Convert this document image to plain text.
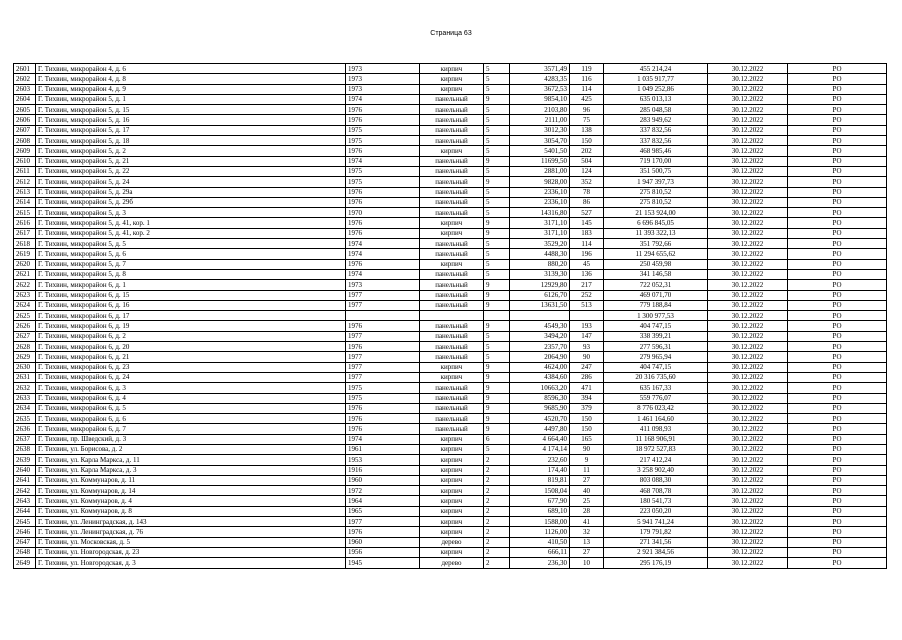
Страница 63
2601	Г. Тихвин, микрорайон 4, д. 6	1973	кирпич	5	3571,49	119	455 214,24	30.12.2022	РО
2602	Г. Тихвин, микрорайон 4, д. 8	1973	кирпич	5	4283,35	116	1 035 917,77	30.12.2022	РО
2603	Г. Тихвин, микрорайон 4, д. 9	1973	кирпич	5	3672,53	114	1 049 252,86	30.12.2022	РО
2604	Г. Тихвин, микрорайон 5, д. 1	1974	панельный	9	9854,10	425	635 013,13	30.12.2022	РО
2605	Г. Тихвин, микрорайон 5, д. 15	1976	панельный	5	2103,80	96	285 048,58	30.12.2022	РО
2606	Г. Тихвин, микрорайон 5, д. 16	1976	панельный	5	2111,00	75	283 949,62	30.12.2022	РО
2607	Г. Тихвин, микрорайон 5, д. 17	1975	панельный	5	3012,30	138	337 832,56	30.12.2022	РО
2608	Г. Тихвин, микрорайон 5, д. 18	1975	панельный	5	3054,70	150	337 832,56	30.12.2022	РО
2609	Г. Тихвин, микрорайон 5, д. 2	1976	кирпич	5	5401,50	202	468 985,46	30.12.2022	РО
2610	Г. Тихвин, микрорайон 5, д. 21	1974	панельный	9	11699,50	504	719 170,00	30.12.2022	РО
2611	Г. Тихвин, микрорайон 5, д. 22	1975	панельный	5	2881,00	124	351 500,75	30.12.2022	РО
2612	Г. Тихвин, микрорайон 5, д. 24	1975	панельный	9	9828,00	352	1 947 397,73	30.12.2022	РО
2613	Г. Тихвин, микрорайон 5, д. 29а	1976	панельный	5	2336,10	78	275 810,52	30.12.2022	РО
2614	Г. Тихвин, микрорайон 5, д. 29б	1976	панельный	5	2336,10	86	275 810,52	30.12.2022	РО
2615	Г. Тихвин, микрорайон 5, д. 3	1970	панельный	5	14316,80	527	21 153 924,00	30.12.2022	РО
2616	Г. Тихвин, микрорайон 5, д. 41, кор. 1	1976	кирпич	9	3171,10	145	6 696 845,05	30.12.2022	РО
2617	Г. Тихвин, микрорайон 5, д. 41, кор. 2	1976	кирпич	9	3171,10	183	11 393 322,13	30.12.2022	РО
2618	Г. Тихвин, микрорайон 5, д. 5	1974	панельный	5	3529,20	114	351 792,66	30.12.2022	РО
2619	Г. Тихвин, микрорайон 5, д. 6	1974	панельный	5	4488,30	196	11 294 655,62	30.12.2022	РО
2620	Г. Тихвин, микрорайон 5, д. 7	1976	кирпич	5	880,20	45	250 459,98	30.12.2022	РО
2621	Г. Тихвин, микрорайон 5, д. 8	1974	панельный	5	3139,30	136	341 146,58	30.12.2022	РО
2622	Г. Тихвин, микрорайон 6, д. 1	1973	панельный	9	12929,80	217	722 052,31	30.12.2022	РО
2623	Г. Тихвин, микрорайон 6, д. 15	1977	панельный	9	6126,70	252	469 071,70	30.12.2022	РО
2624	Г. Тихвин, микрорайон 6, д. 16	1977	панельный	9	13631,50	513	779 188,84	30.12.2022	РО
2625	Г. Тихвин, микрорайон 6, д. 17						1 300 977,53	30.12.2022	РО
2626	Г. Тихвин, микрорайон 6, д. 19	1976	панельный	9	4549,30	193	404 747,15	30.12.2022	РО
2627	Г. Тихвин, микрорайон 6, д. 2	1977	панельный	5	3494,20	147	338 399,21	30.12.2022	РО
2628	Г. Тихвин, микрорайон 6, д. 20	1976	панельный	5	2357,70	93	277 596,31	30.12.2022	РО
2629	Г. Тихвин, микрорайон 6, д. 21	1977	панельный	5	2064,90	90	279 965,94	30.12.2022	РО
2630	Г. Тихвин, микрорайон 6, д. 23	1977	кирпич	9	4624,00	247	404 747,15	30.12.2022	РО
2631	Г. Тихвин, микрорайон 6, д. 24	1977	кирпич	9	4384,60	286	20 316 735,60	30.12.2022	РО
2632	Г. Тихвин, микрорайон 6, д. 3	1975	панельный	9	10663,20	471	635 167,33	30.12.2022	РО
2633	Г. Тихвин, микрорайон 6, д. 4	1975	панельный	9	8596,30	394	559 776,07	30.12.2022	РО
2634	Г. Тихвин, микрорайон 6, д. 5	1976	панельный	9	9685,90	379	8 776 023,42	30.12.2022	РО
2635	Г. Тихвин, микрорайон 6, д. 6	1976	панельный	9	4520,70	150	1 461 164,60	30.12.2022	РО
2636	Г. Тихвин, микрорайон 6, д. 7	1976	панельный	9	4497,80	150	411 098,93	30.12.2022	РО
2637	Г. Тихвин, пр. Шведский, д. 3	1974	кирпич	6	4 664,40	165	11 168 906,91	30.12.2022	РО
2638	Г. Тихвин, ул. Борисова, д. 2	1961	кирпич	5	4 174,14	90	18 972 527,83	30.12.2022	РО
2639	Г. Тихвин, ул. Карла Маркса, д. 11	1953	кирпич	2	232,60	9	217 412,24	30.12.2022	РО
2640	Г. Тихвин, ул. Карла Маркса, д. 3	1916	кирпич	2	174,40	11	3 258 902,40	30.12.2022	РО
2641	Г. Тихвин, ул. Коммунаров, д. 11	1960	кирпич	2	819,81	27	803 088,30	30.12.2022	РО
2642	Г. Тихвин, ул. Коммунаров, д. 14	1972	кирпич	2	1508,04	40	468 708,78	30.12.2022	РО
2643	Г. Тихвин, ул. Коммунаров, д. 4	1964	кирпич	2	677,90	25	180 541,73	30.12.2022	РО
2644	Г. Тихвин, ул. Коммунаров, д. 8	1965	кирпич	2	689,10	28	223 050,20	30.12.2022	РО
2645	Г. Тихвин, ул. Ленинградская, д. 143	1977	кирпич	2	1588,00	41	5 941 741,24	30.12.2022	РО
2646	Г. Тихвин, ул. Ленинградская, д. 76	1976	кирпич	2	1126,00	32	179 791,82	30.12.2022	РО
2647	Г. Тихвин, ул. Московская, д. 5	1960	дерево	2	410,50	13	271 341,56	30.12.2022	РО
2648	Г. Тихвин, ул. Новгородская, д. 23	1956	кирпич	2	666,11	27	2 921 384,56	30.12.2022	РО
2649	Г. Тихвин, ул. Новгородская, д. 3	1945	дерево	2	236,30	10	295 176,19	30.12.2022	РО
